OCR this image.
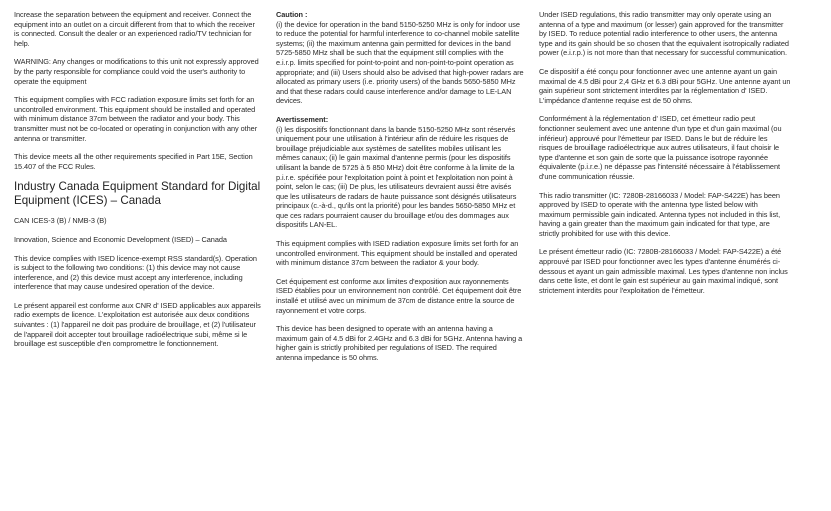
Increase the separation between the equipment and receiver. Connect the equipment into an outlet on a circuit different from that to which the receiver is connected. Consult the dealer or an experienced radio/TV technician for help.

WARNING: Any changes or modifications to this unit not expressly approved by the party responsible for compliance could void the user's authority to operate the equipment

This equipment complies with FCC radiation exposure limits set forth for an uncontrolled environment. This equipment should be installed and operated with minimum distance 37cm between the radiator and your body. This transmitter must not be co-located or operating in conjunction with any other antenna or transmitter.

This device meets all the other requirements specified in Part 15E, Section 15.407 of the FCC Rules.

Industry Canada Equipment Standard for Digital Equipment (ICES) – Canada

CAN ICES-3 (B) / NMB-3 (B)

Innovation, Science and Economic Development (ISED) – Canada

This device complies with ISED licence-exempt RSS standard(s). Operation is subject to the following two conditions: (1) this device may not cause interference, and (2) this device must accept any interference, including interference that may cause undesired operation of the device.

Le présent appareil est conforme aux CNR d' ISED applicables aux appareils radio exempts de licence. L'exploitation est autorisée aux deux conditions suivantes : (1) l'appareil ne doit pas produire de brouillage, et (2) l'utilisateur de l'appareil doit accepter tout brouillage radioélectrique subi, même si le brouillage est susceptible d'en compromettre le fonctionnement.

Caution :

(i) the device for operation in the band 5150-5250 MHz is only for indoor use to reduce the potential for harmful interference to co-channel mobile satellite systems; (ii) the maximum antenna gain permitted for devices in the band 5725-5850 MHz shall be such that the equipment still complies with the e.i.r.p. limits specified for point-to-point and non-point-to-point operation as appropriate; and (iii) Users should also be advised that high-power radars are allocated as primary users (i.e. priority users) of the bands 5650-5850 MHz and that these radars could cause interference and/or damage to LE-LAN devices.

Avertissement:

(i) les dispositifs fonctionnant dans la bande 5150-5250 MHz sont réservés uniquement pour une utilisation à l'intérieur afin de réduire les risques de brouillage préjudiciable aux systèmes de satellites mobiles utilisant les mêmes canaux; (ii) le gain maximal d'antenne permis (pour les dispositifs utilisant la bande de 5725 à 5 850 MHz) doit être conforme à la limite de la p.i.r.e. spécifiée pour l'exploitation point à point et l'exploitation non point à point, selon le cas; (iii) De plus, les utilisateurs devraient aussi être avisés que les utilisateurs de radars de haute puissance sont désignés utilisateurs principaux (c.-à-d., qu'ils ont la priorité) pour les bandes 5650-5850 MHz et que ces radars pourraient causer du brouillage et/ou des dommages aux dispositifs LAN-EL.

This equipment complies with ISED radiation exposure limits set forth for an uncontrolled environment. This equipment should be installed and operated with minimum distance 37cm between the radiator & your body.

Cet équipement est conforme aux limites d'exposition aux rayonnements ISED établies pour un environnement non contrôlé. Cet équipement doit être installé et utilisé avec un minimum de 37cm de distance entre la source de rayonnement et votre corps.

This device has been designed to operate with an antenna having a maximum gain of 4.5 dBi for 2.4GHz and 6.3 dBi for 5GHz. Antenna having a higher gain is strictly prohibited per regulations of ISED. The required antenna impedance is 50 ohms.

Under ISED regulations, this radio transmitter may only operate using an antenna of a type and maximum (or lesser) gain approved for the transmitter by ISED. To reduce potential radio interference to other users, the antenna type and its gain should be so chosen that the equivalent isotropically radiated power (e.i.r.p.) is not more than that necessary for successful communication.

Ce dispositif a été conçu pour fonctionner avec une antenne ayant un gain maximal de 4.5 dBi pour 2,4 GHz et 6.3 dBi pour 5GHz. Une antenne ayant un gain supérieur sont strictement interdites par la réglementation d' ISED. L'impédance d'antenne requise est de 50 ohms.

Conformément à la réglementation d' ISED, cet émetteur radio peut fonctionner seulement avec une antenne d'un type et d'un gain maximal (ou inférieur) approuvé pour l'émetteur par ISED. Dans le but de réduire les risques de brouillage radioélectrique aux autres utilisateurs, il faut choisir le type d'antenne et son gain de sorte que la puissance isotrope rayonnée équivalente (p.i.r.e.) ne dépasse pas l'intensité nécessaire à l'établissement d'une communication réussie.

This radio transmitter (IC: 7280B-28166033 / Model: FAP-S422E) has been approved by ISED to operate with the antenna type listed below with maximum permissible gain indicated. Antenna types not included in this list, having a gain greater than the maximum gain indicated for that type, are strictly prohibited for use with this device.

Le présent émetteur radio (IC: 7280B-28166033 / Model: FAP-S422E) a été approuvé par ISED pour fonctionner avec les types d'antenne énumérés ci-dessous et ayant un gain admissible maximal. Les types d'antenne non inclus dans cette liste, et dont le gain est supérieur au gain maximal indiqué, sont strictement interdits pour l'exploitation de l'émetteur.
